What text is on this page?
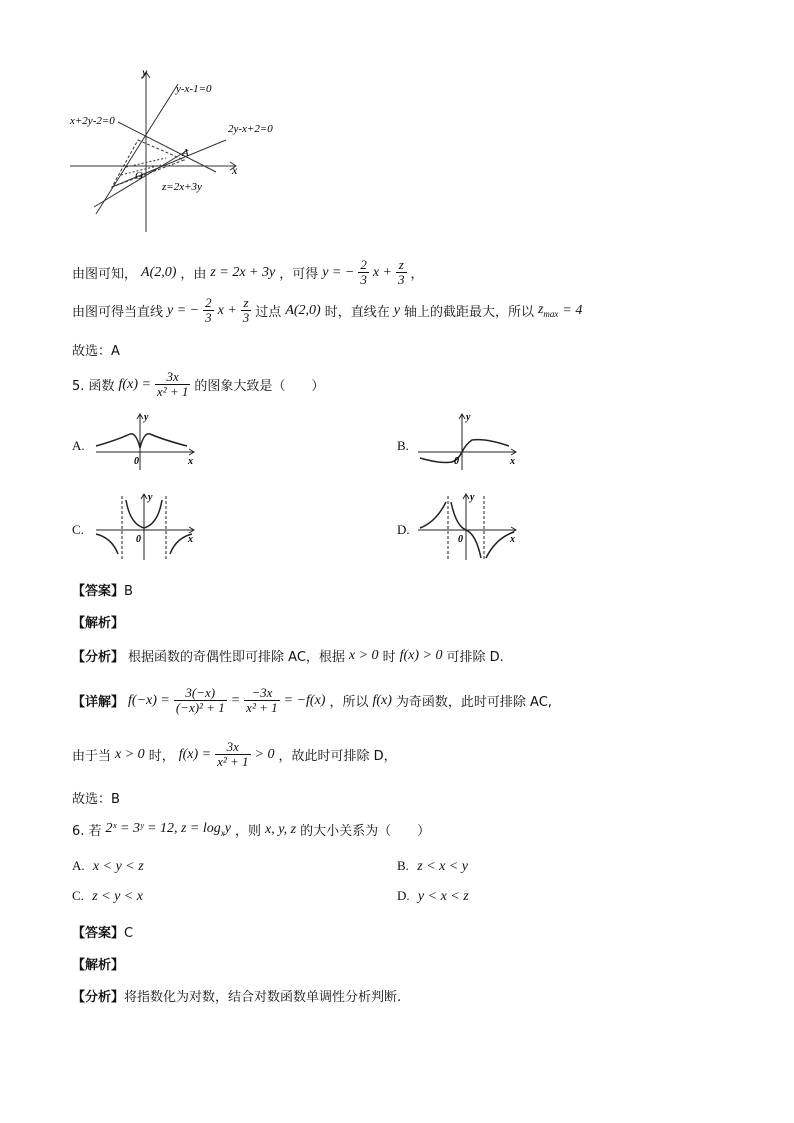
y
x
y-x-1=0
x+2y-2=0
2y-x+2=0
A
O
z=2x+3y
由图可知， A(2,0) ，由 z = 2x + 3y ，可得 y = − $\frac{2}{3}$ $x + \frac{z}{3}$ ，
由图可得当直线 y = − $\frac{2}{3}$ $x + \frac{z}{3}$ 过点 A(2,0) 时，直线在 y 轴上的截距最大，所以 $z_{max} = 4$
故选：A
5. 函数 $f(x) = \frac{3x}{\text{x² + 1}}$ 的图象大致是（　　）
A.
y
0	x
B.
y
0	x
C.
y
0	x
D.
y
0	x
【答案】B
【解析】
【分析】 根据函数的奇偶性即可排除 AC，根据 x > 0 时 f(x) > 0 可排除 D.
【详解】 $f(-x) = \frac{3(-x)}{\text{(−x)² + 1}} = \frac{-3x}{\text{x² + 1}} = -f(x)$ ，所以 f(x) 为奇函数，此时可排除 AC,
由于当 x > 0 时， $f(x) = \frac{3x}{\text{x² + 1}} > 0$ ，故此时可排除 D，
故选：B
6. 若 2ˣ = 3ʸ = 12, $z = \log_xy$ ，则 x, y, z 的大小关系为（　　）
A. x < y < z	B. z < x < y
C. z < y < x	D. y < x < z
【答案】C
【解析】
【分析】将指数化为对数，结合对数函数单调性分析判断.
